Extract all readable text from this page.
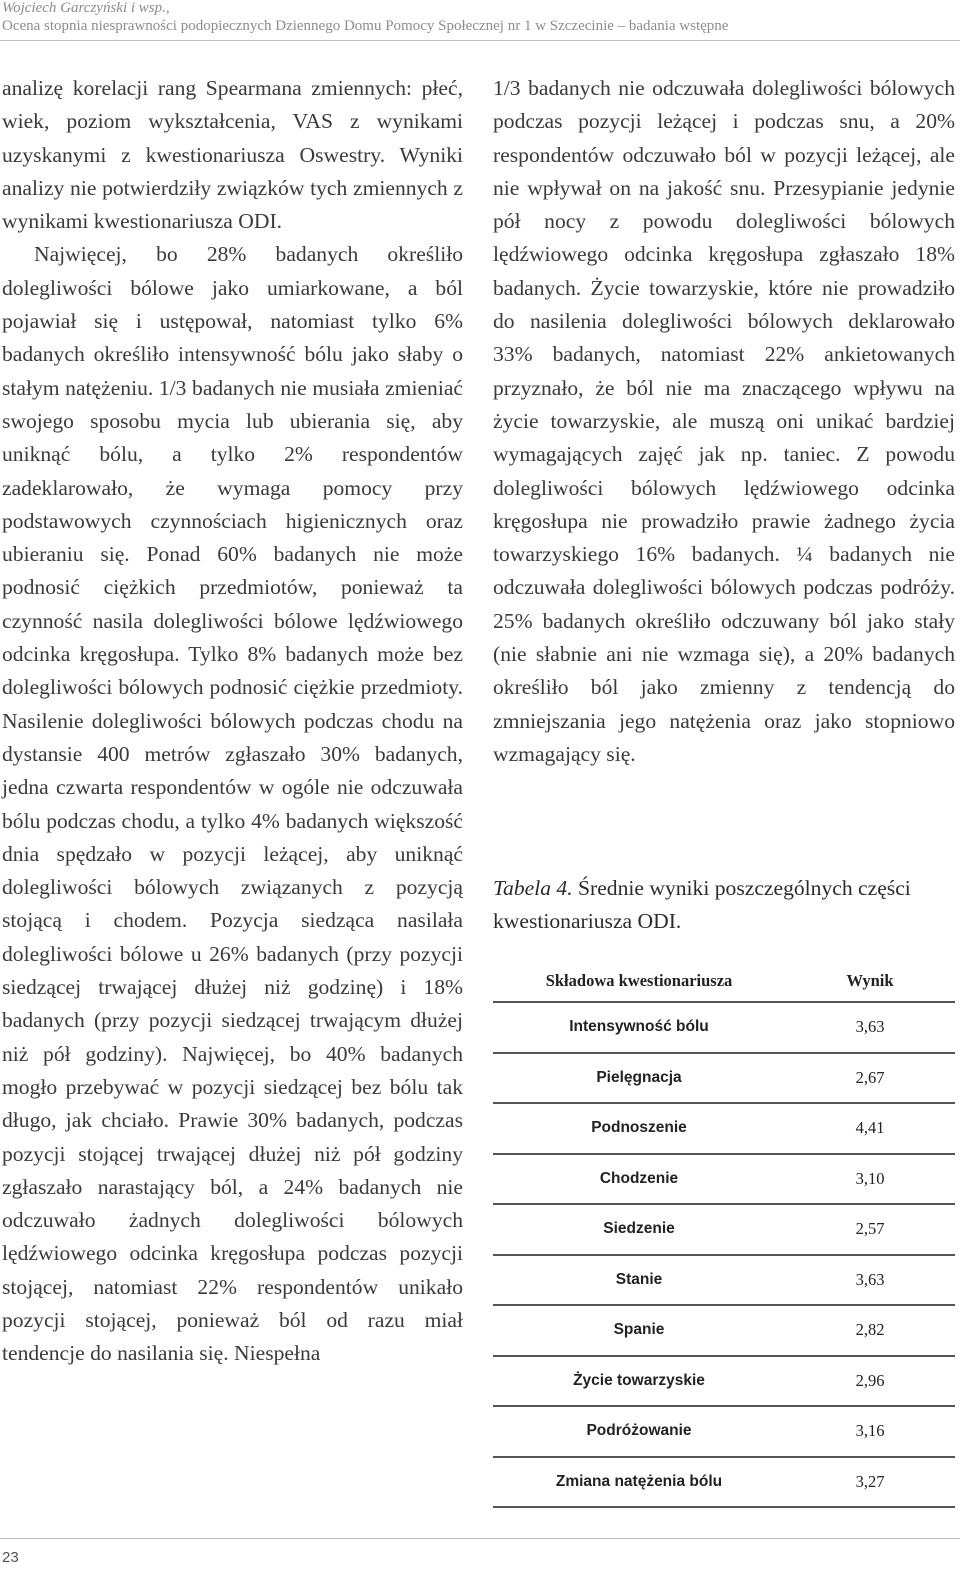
Wojciech Garczyński i wsp.,
Ocena stopnia niesprawności podopiecznych Dziennego Domu Pomocy Społecznej nr 1 w Szczecinie – badania wstępne

analizę korelacji rang Spearmana zmiennych: płeć, wiek, poziom wykształcenia, VAS z wynikami uzyskanymi z kwestionariusza Oswestry. Wyniki analizy nie potwierdziły związków tych zmiennych z wynikami kwestionariusza ODI.

Najwięcej, bo 28% badanych określiło dolegliwości bólowe jako umiarkowane, a ból pojawiał się i ustępował, natomiast tylko 6% badanych określiło intensywność bólu jako słaby o stałym natężeniu. 1/3 badanych nie musiała zmieniać swojego sposobu mycia lub ubierania się, aby uniknąć bólu, a tylko 2% respondentów zadeklarowało, że wymaga pomocy przy podstawowych czynnościach higienicznych oraz ubieraniu się. Ponad 60% badanych nie może podnosić ciężkich przedmiotów, ponieważ ta czynność nasila dolegliwości bólowe lędźwiowego odcinka kręgosłupa. Tylko 8% badanych może bez dolegliwości bólowych podnosić ciężkie przedmioty. Nasilenie dolegliwości bólowych podczas chodu na dystansie 400 metrów zgłaszało 30% badanych, jedna czwarta respondentów w ogóle nie odczuwała bólu podczas chodu, a tylko 4% badanych większość dnia spędzało w pozycji leżącej, aby uniknąć dolegliwości bólowych związanych z pozycją stojącą i chodem. Pozycja siedząca nasilała dolegliwości bólowe u 26% badanych (przy pozycji siedzącej trwającej dłużej niż godzinę) i 18% badanych (przy pozycji siedzącej trwającym dłużej niż pół godziny). Najwięcej, bo 40% badanych mogło przebywać w pozycji siedzącej bez bólu tak długo, jak chciało. Prawie 30% badanych, podczas pozycji stojącej trwającej dłużej niż pół godziny zgłaszało narastający ból, a 24% badanych nie odczuwało żadnych dolegliwości bólowych lędźwiowego odcinka kręgosłupa podczas pozycji stojącej, natomiast 22% respondentów unikało pozycji stojącej, ponieważ ból od razu miał tendencje do nasilania się. Niespełna

1/3 badanych nie odczuwała dolegliwości bólowych podczas pozycji leżącej i podczas snu, a 20% respondentów odczuwało ból w pozycji leżącej, ale nie wpływał on na jakość snu. Przesypianie jedynie pół nocy z powodu dolegliwości bólowych lędźwiowego odcinka kręgosłupa zgłaszało 18% badanych. Życie towarzyskie, które nie prowadziło do nasilenia dolegliwości bólowych deklarowało 33% badanych, natomiast 22% ankietowanych przyznało, że ból nie ma znaczącego wpływu na życie towarzyskie, ale muszą oni unikać bardziej wymagających zajęć jak np. taniec. Z powodu dolegliwości bólowych lędźwiowego odcinka kręgosłupa nie prowadziło prawie żadnego życia towarzyskiego 16% badanych. ¼ badanych nie odczuwała dolegliwości bólowych podczas podróży. 25% badanych określiło odczuwany ból jako stały (nie słabnie ani nie wzmaga się), a 20% badanych określiło ból jako zmienny z tendencją do zmniejszania jego natężenia oraz jako stopniowo wzmagający się.

Tabela 4. Średnie wyniki poszczególnych części kwestionariusza ODI.
Składowa kwestionariusza	Wynik
Intensywność bólu	3,63
Pielęgnacja	2,67
Podnoszenie	4,41
Chodzenie	3,10
Siedzenie	2,57
Stanie	3,63
Spanie	2,82
Życie towarzyskie	2,96
Podróżowanie	3,16
Zmiana natężenia bólu	3,27
23
